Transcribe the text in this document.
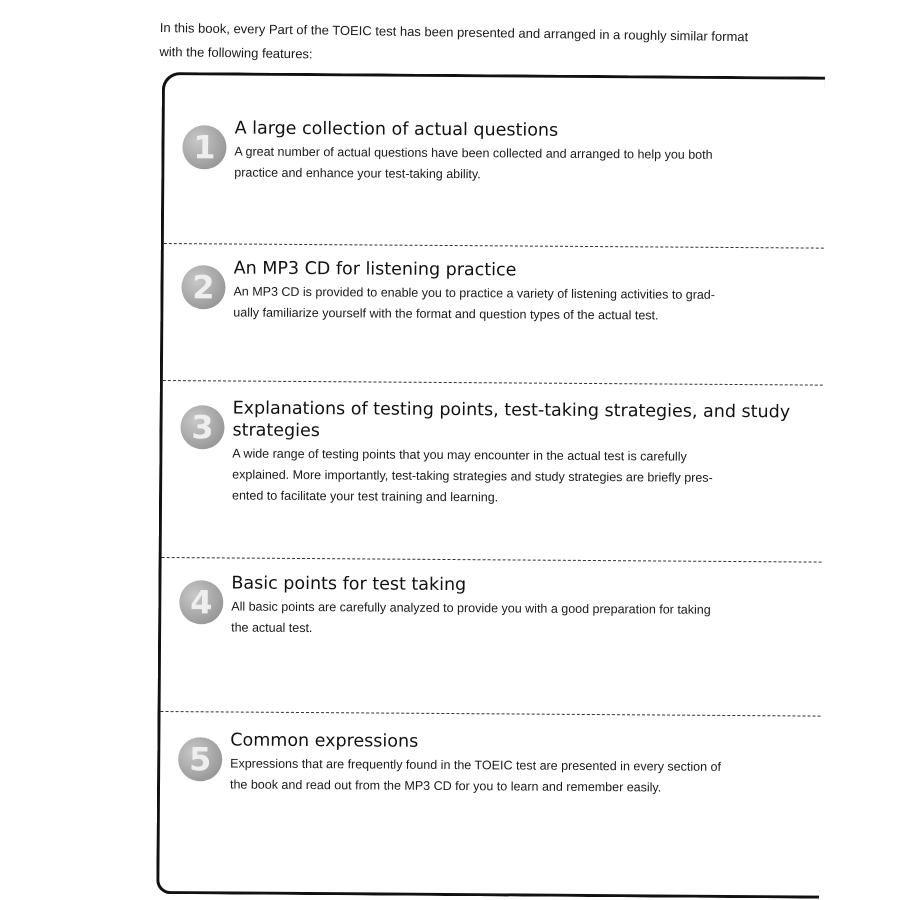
In this book, every Part of the TOEIC test has been presented and arranged in a roughly similar format
with the following features:
1	A large collection of actual questions
A great number of actual questions have been collected and arranged to help you both
practice and enhance your test-taking ability.
2	An MP3 CD for listening practice
An MP3 CD is provided to enable you to practice a variety of listening activities to grad-
ually familiarize yourself with the format and question types of the actual test.
3	Explanations of testing points, test-taking strategies, and study
strategies
A wide range of testing points that you may encounter in the actual test is carefully
explained. More importantly, test-taking strategies and study strategies are briefly pres-
ented to facilitate your test training and learning.
4	Basic points for test taking
All basic points are carefully analyzed to provide you with a good preparation for taking
the actual test.
5	Common expressions
Expressions that are frequently found in the TOEIC test are presented in every section of
the book and read out from the MP3 CD for you to learn and remember easily.
